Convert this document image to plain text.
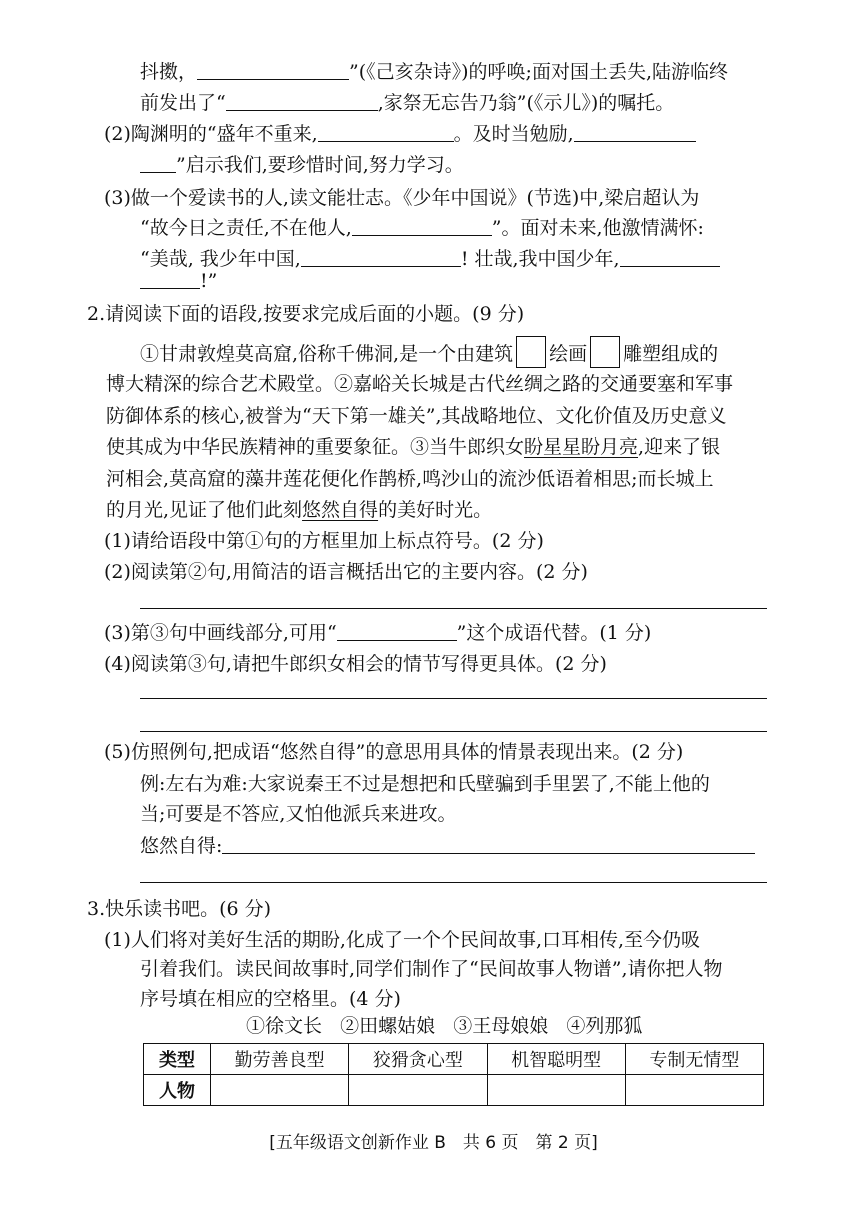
抖擞，	”(《己亥杂诗》)的呼唤;面对国土丢失,陆游临终
前发出了“	,家祭无忘告乃翁”(《示儿》)的嘱托。
(2)陶渊明的“盛年不重来,	。及时当勉励,
”启示我们,要珍惜时间,努力学习。
(3)做一个爱读书的人,读文能壮志。《少年中国说》(节选)中,梁启超认为
“故今日之责任,不在他人,	”。面对未来,他激情满怀:
“美哉, 我少年中国,	! 壮哉,我中国少年,
!”
2.请阅读下面的语段,按要求完成后面的小题。(9 分)
①甘肃敦煌莫高窟,俗称千佛洞,是一个由建筑 绘画 雕塑组成的
博大精深的综合艺术殿堂。②嘉峪关长城是古代丝绸之路的交通要塞和军事
防御体系的核心,被誉为“天下第一雄关”,其战略地位、文化价值及历史意义
使其成为中华民族精神的重要象征。③当牛郎织女盼星星盼月亮,迎来了银
河相会,莫高窟的藻井莲花便化作鹊桥,鸣沙山的流沙低语着相思;而长城上
的月光,见证了他们此刻悠然自得的美好时光。
(1)请给语段中第①句的方框里加上标点符号。(2 分)
(2)阅读第②句,用简洁的语言概括出它的主要内容。(2 分)
(3)第③句中画线部分,可用“	”这个成语代替。(1 分)
(4)阅读第③句,请把牛郎织女相会的情节写得更具体。(2 分)
(5)仿照例句,把成语“悠然自得”的意思用具体的情景表现出来。(2 分)
例:左右为难:大家说秦王不过是想把和氏壁骗到手里罢了,不能上他的
当;可要是不答应,又怕他派兵来进攻。
悠然自得:
3.快乐读书吧。(6 分)
(1)人们将对美好生活的期盼,化成了一个个民间故事,口耳相传,至今仍吸
引着我们。读民间故事时,同学们制作了“民间故事人物谱”,请你把人物
序号填在相应的空格里。(4 分)
①徐文长 ②田螺姑娘 ③王母娘娘 ④列那狐
类型	勤劳善良型	狡猾贪心型	机智聪明型	专制无情型
人物				
[五年级语文创新作业 B　共 6 页　第 2 页]
